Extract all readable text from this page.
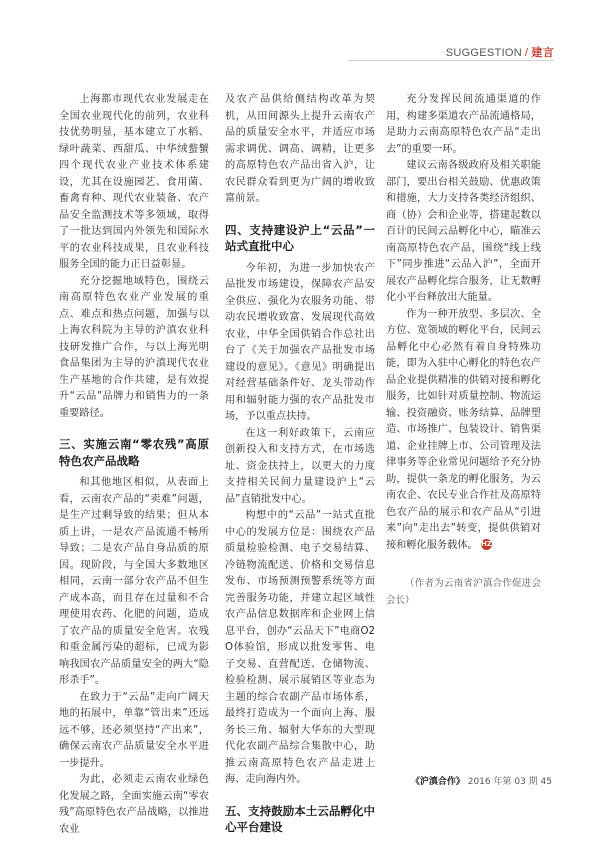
SUGGESTION / 建言

上海都市现代农业发展走在全国农业现代化的前列，农业科技优势明显，基本建立了水稻、绿叶蔬菜、西甜瓜、中华绒螯蟹四个现代农业产业技术体系建设，尤其在设施园艺、食用菌、畜禽育种、现代农业装备、农产品安全监测技术等多领域，取得了一批达到国内外领先和国际水平的农业科技成果，且农业科技服务全国的能力正日益彰显。

充分挖掘地域特色，围绕云南高原特色农业产业发展的重点、难点和热点问题，加强与以上海农科院为主导的沪滇农业科技研发推广合作，与以上海光明食品集团为主导的沪滇现代农业生产基地的合作共建，是有效提升“云品”品牌力和销售力的一条重要路径。

三、实施云南“零农残”高原特色农产品战略

和其他地区相似，从表面上看，云南农产品的“卖难”问题，是生产过剩导致的结果；但从本质上讲，一是农产品流通不畅所导致；二是农产品自身品质的原因。现阶段，与全国大多数地区相同，云南一部分农产品不但生产成本高，而且存在过量和不合理使用农药、化肥的问题，造成了农产品的质量安全危害。农残和重金属污染的超标，已成为影响我国农产品质量安全的两大“隐形杀手”。

在致力于“云品”走向广阔天地的拓展中，单靠“管出来”还远远不够，还必须坚持“产出来”，确保云南农产品质量安全水平进一步提升。

为此，必须走云南农业绿色化发展之路，全面实施云南“零农残”高原特色农产品战略，以推进农业

及农产品供给侧结构改革为契机，从田间源头上提升云南农产品的质量安全水平，并适应市场需求调优、调高、调精，让更多的高原特色农产品出省入沪，让农民群众看到更为广阔的增收致富前景。

四、支持建设沪上“云品”一站式直批中心

今年初，为进一步加快农产品批发市场建设，保障农产品安全供应、强化为农服务功能、带动农民增收致富、发展现代高效农业，中华全国供销合作总社出台了《关于加强农产品批发市场建设的意见》。《意见》明确提出对经营基础条件好、龙头带动作用和辐射能力强的农产品批发市场，予以重点扶持。

在这一利好政策下，云南应创新投入和支持方式，在市场选址、资金扶持上，以更大的力度支持相关民间力量建设沪上“云品”直销批发中心。

构想中的“云品”一站式直批中心的发展方位是：围绕农产品质量检验检测、电子交易结算、冷链物流配送、价格和交易信息发布、市场预测预警系统等方面完善服务功能，并建立起区域性农产品信息数据库和企业网上信息平台，创办“云品天下”电商O2O体验馆，形成以批发零售、电子交易、直营配送、仓储物流、检验检测、展示展销区等业态为主题的综合农副产品市场体系，最终打造成为一个面向上海、服务长三角、辐射大华东的大型现代化农副产品综合集散中心，助推云南高原特色农产品走进上海、走向海内外。

五、支持鼓励本土云品孵化中心平台建设

充分发挥民间流通渠道的作用，构建多渠道农产品流通格局，是助力云南高原特色农产品“走出去”的重要一环。

建议云南各级政府及相关职能部门，要出台相关鼓励、优惠政策和措施，大力支持各类经济组织、商（协）会和企业等，搭建起数以百计的民间云品孵化中心，瞄准云南高原特色农产品，围绕“线上线下”同步推进“云品入沪”，全面开展农产品孵化综合服务，让无数孵化小平台释放出大能量。

作为一种开放型、多层次、全方位、宽领域的孵化平台，民间云品孵化中心必然有着自身特殊功能，即为入驻中心孵化的特色农产品企业提供精准的供销对接和孵化服务，比如针对质量控制、物流运输、投资融资、账务结算、品牌塑造、市场推广、包装设计、销售渠道、企业挂牌上市、公司管理及法律事务等企业常见问题给予充分协助，提供一条龙的孵化服务，为云南农企、农民专业合作社及高原特色农产品的展示和农产品从“引进来”向“走出去”转变，提供供销对接和孵化服务载体。 HZ

（作者为云南省沪滇合作促进会会长）

《沪滇合作》 2016 年第 03 期 45
